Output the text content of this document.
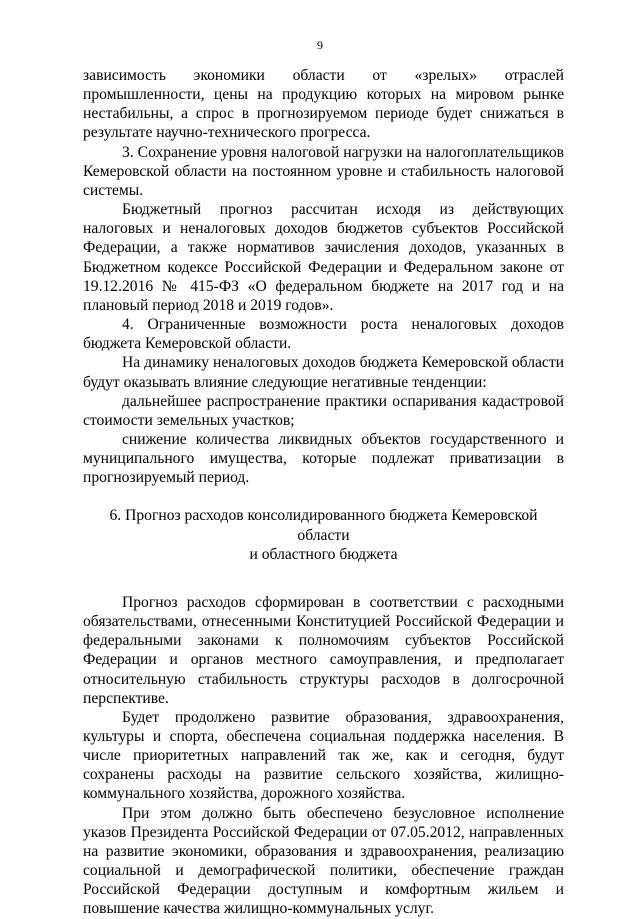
9

зависимость экономики области от «зрелых» отраслей промышленности, цены на продукцию которых на мировом рынке нестабильны, а спрос в прогнозируемом периоде будет снижаться в результате научно-технического прогресса.

3. Сохранение уровня налоговой нагрузки на налогоплательщиков Кемеровской области на постоянном уровне и стабильность налоговой системы.

Бюджетный прогноз рассчитан исходя из действующих налоговых и неналоговых доходов бюджетов субъектов Российской Федерации, а также нормативов зачисления доходов, указанных в Бюджетном кодексе Российской Федерации и Федеральном законе от 19.12.2016 № 415-ФЗ «О федеральном бюджете на 2017 год и на плановый период 2018 и 2019 годов».

4. Ограниченные возможности роста неналоговых доходов бюджета Кемеровской области.

На динамику неналоговых доходов бюджета Кемеровской области будут оказывать влияние следующие негативные тенденции:

дальнейшее распространение практики оспаривания кадастровой стоимости земельных участков;

снижение количества ликвидных объектов государственного и муниципального имущества, которые подлежат приватизации в прогнозируемый период.

6. Прогноз расходов консолидированного бюджета Кемеровской области
и областного бюджета

Прогноз расходов сформирован в соответствии с расходными обязательствами, отнесенными Конституцией Российской Федерации и федеральными законами к полномочиям субъектов Российской Федерации и органов местного самоуправления, и предполагает относительную стабильность структуры расходов в долгосрочной перспективе.

Будет продолжено развитие образования, здравоохранения, культуры и спорта, обеспечена социальная поддержка населения. В числе приоритетных направлений так же, как и сегодня, будут сохранены расходы на развитие сельского хозяйства, жилищно-коммунального хозяйства, дорожного хозяйства.

При этом должно быть обеспечено безусловное исполнение указов Президента Российской Федерации от 07.05.2012, направленных на развитие экономики, образования и здравоохранения, реализацию социальной и демографической политики, обеспечение граждан Российской Федерации доступным и комфортным жильем и повышение качества жилищно-коммунальных услуг.
